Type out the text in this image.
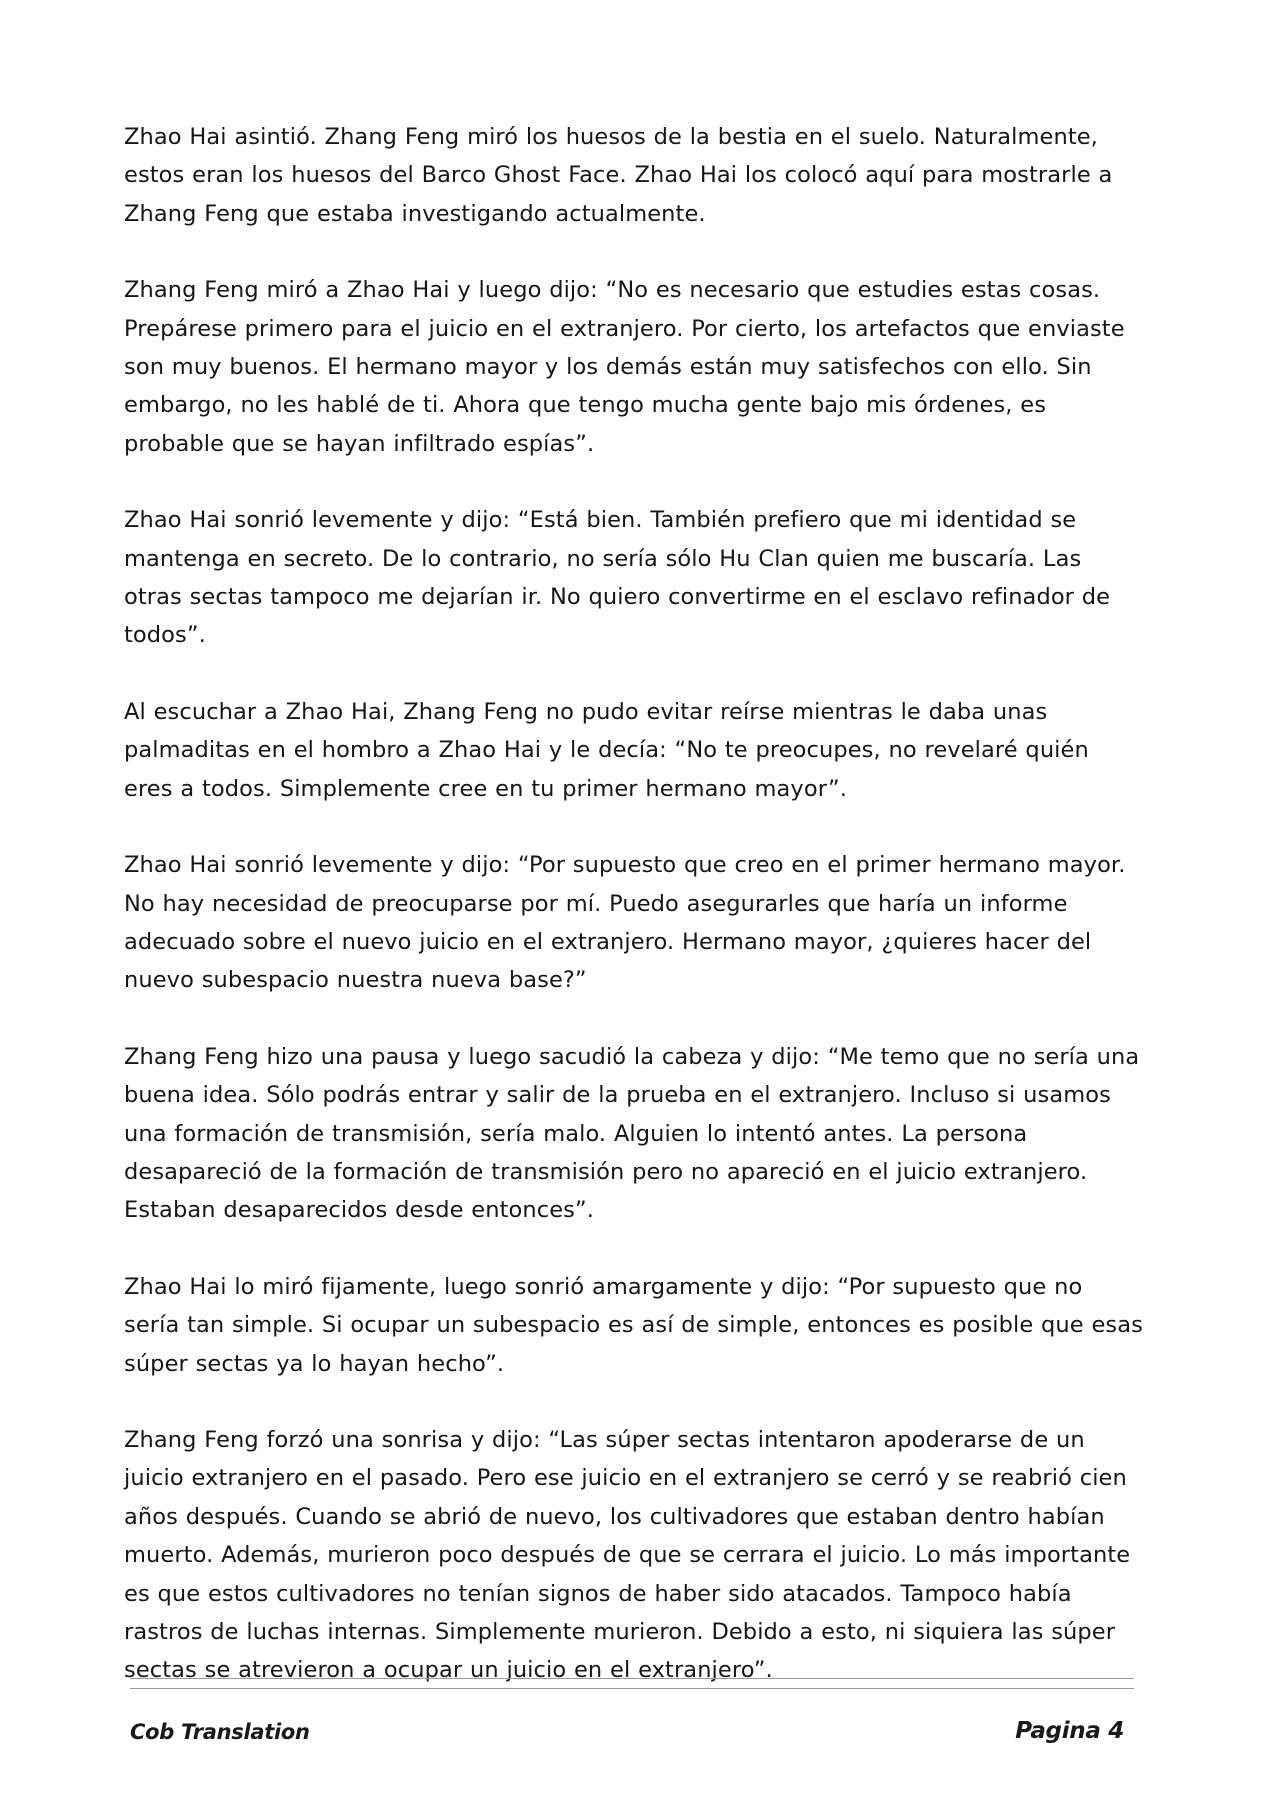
Zhao Hai asintió. Zhang Feng miró los huesos de la bestia en el suelo. Naturalmente, estos eran los huesos del Barco Ghost Face. Zhao Hai los colocó aquí para mostrarle a Zhang Feng que estaba investigando actualmente.

Zhang Feng miró a Zhao Hai y luego dijo: “No es necesario que estudies estas cosas. Prepárese primero para el juicio en el extranjero. Por cierto, los artefactos que enviaste son muy buenos. El hermano mayor y los demás están muy satisfechos con ello. Sin embargo, no les hablé de ti. Ahora que tengo mucha gente bajo mis órdenes, es probable que se hayan infiltrado espías”.

Zhao Hai sonrió levemente y dijo: “Está bien. También prefiero que mi identidad se mantenga en secreto. De lo contrario, no sería sólo Hu Clan quien me buscaría. Las otras sectas tampoco me dejarían ir. No quiero convertirme en el esclavo refinador de todos”.

Al escuchar a Zhao Hai, Zhang Feng no pudo evitar reírse mientras le daba unas palmaditas en el hombro a Zhao Hai y le decía: “No te preocupes, no revelaré quién eres a todos. Simplemente cree en tu primer hermano mayor”.

Zhao Hai sonrió levemente y dijo: “Por supuesto que creo en el primer hermano mayor. No hay necesidad de preocuparse por mí. Puedo asegurarles que haría un informe adecuado sobre el nuevo juicio en el extranjero. Hermano mayor, ¿quieres hacer del nuevo subespacio nuestra nueva base?”

Zhang Feng hizo una pausa y luego sacudió la cabeza y dijo: “Me temo que no sería una buena idea. Sólo podrás entrar y salir de la prueba en el extranjero. Incluso si usamos una formación de transmisión, sería malo. Alguien lo intentó antes. La persona desapareció de la formación de transmisión pero no apareció en el juicio extranjero. Estaban desaparecidos desde entonces”.

Zhao Hai lo miró fijamente, luego sonrió amargamente y dijo: “Por supuesto que no sería tan simple. Si ocupar un subespacio es así de simple, entonces es posible que esas súper sectas ya lo hayan hecho”.

Zhang Feng forzó una sonrisa y dijo: “Las súper sectas intentaron apoderarse de un juicio extranjero en el pasado. Pero ese juicio en el extranjero se cerró y se reabrió cien años después. Cuando se abrió de nuevo, los cultivadores que estaban dentro habían muerto. Además, murieron poco después de que se cerrara el juicio. Lo más importante es que estos cultivadores no tenían signos de haber sido atacados. Tampoco había rastros de luchas internas. Simplemente murieron. Debido a esto, ni siquiera las súper sectas se atrevieron a ocupar un juicio en el extranjero”.

Cob Translation	Pagina 4
